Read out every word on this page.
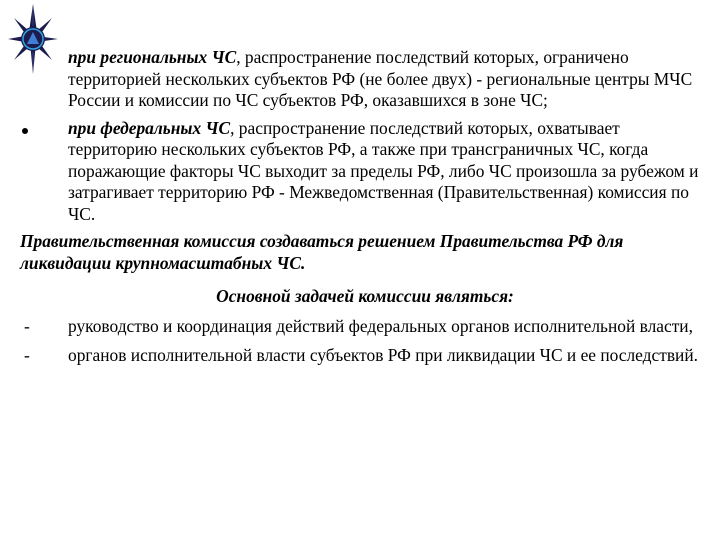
при региональных ЧС, распространение последствий которых, ограничено территорией нескольких субъектов РФ (не более двух) - региональные центры МЧС России и комиссии по ЧС субъектов РФ, оказавшихся в зоне ЧС;
при федеральных ЧС, распространение последствий которых, охватывает территорию нескольких субъектов РФ, а также при трансграничных ЧС, когда поражающие факторы ЧС выходит за пределы РФ, либо ЧС произошла за рубежом и затрагивает территорию РФ - Межведомственная (Правительственная) комиссия по ЧС.
Правительственная комиссия создаваться решением Правительства РФ для ликвидации крупномасштабных ЧС.
Основной задачей комиссии являться:
-	руководство и координация действий федеральных органов исполнительной власти,
-	органов исполнительной власти субъектов РФ при ликвидации ЧС и ее последствий.
